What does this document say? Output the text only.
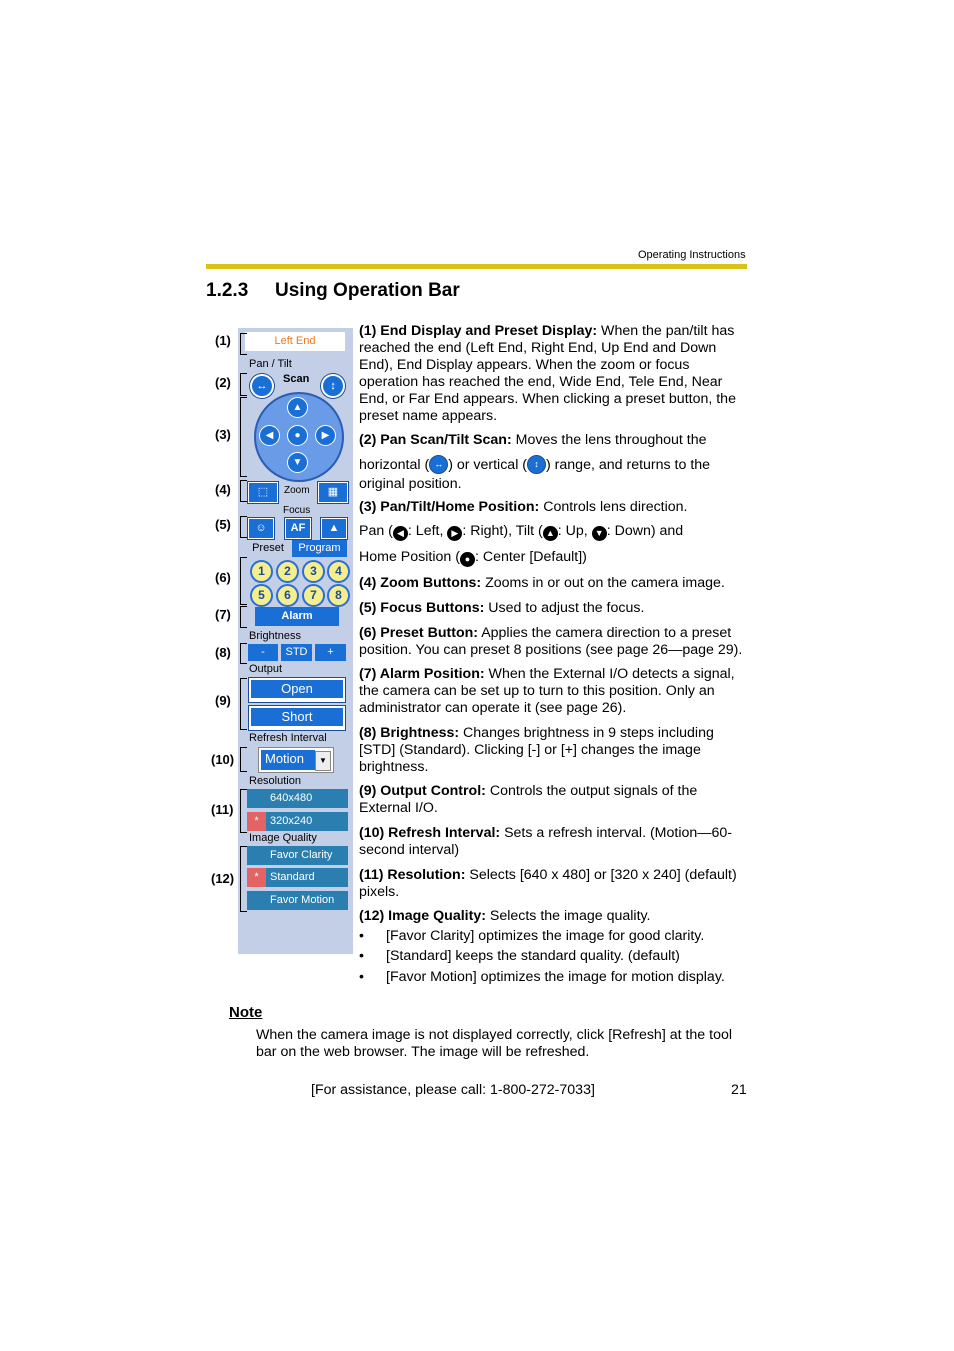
Operating Instructions
1.2.3 Using Operation Bar
Left End
Pan / Tilt
↔
Scan
↕
▲
◀	●	▶
▼
⬚	Zoom	▦
Focus
☺	AF	▲
Preset	Program
1	2	3	4
5	6	7	8
Alarm
Brightness
-	STD	+
Output
Open
Short
Refresh Interval
Motion	▼
Resolution
640x480
* 320x240
Image Quality
Favor Clarity
* Standard
Favor Motion
(1)
(2)
(3)
(4)
(5)
(6)
(7)
(8)
(9)
(10)
(11)
(12)
(1) End Display and Preset Display: When the pan/tilt has reached the end (Left End, Right End, Up End and Down End), End Display appears. When the zoom or focus operation has reached the end, Wide End, Tele End, Near End, or Far End appears. When clicking a preset button, the preset name appears.
(2) Pan Scan/Tilt Scan: Moves the lens throughout the
horizontal ( ↔ ) or vertical ( ↕ ) range, and returns to the original position.
(3) Pan/Tilt/Home Position: Controls lens direction.
Pan ( ◀ : Left, ▶ : Right), Tilt ( ▲ : Up, ▼ : Down) and
Home Position ( ● : Center [Default])
(4) Zoom Buttons: Zooms in or out on the camera image.
(5) Focus Buttons: Used to adjust the focus.
(6) Preset Button: Applies the camera direction to a preset position. You can preset 8 positions (see page 26—page 29).
(7) Alarm Position: When the External I/O detects a signal, the camera can be set up to turn to this position. Only an administrator can operate it (see page 26).
(8) Brightness: Changes brightness in 9 steps including [STD] (Standard). Clicking [-] or [+] changes the image brightness.
(9) Output Control: Controls the output signals of the External I/O.
(10) Refresh Interval: Sets a refresh interval. (Motion—60-second interval)
(11) Resolution: Selects [640 x 480] or [320 x 240] (default) pixels.
(12) Image Quality: Selects the image quality.
• [Favor Clarity] optimizes the image for good clarity.
• [Standard] keeps the standard quality. (default)
• [Favor Motion] optimizes the image for motion display.
Note
When the camera image is not displayed correctly, click [Refresh] at the tool bar on the web browser. The image will be refreshed.
[For assistance, please call: 1-800-272-7033]	21
